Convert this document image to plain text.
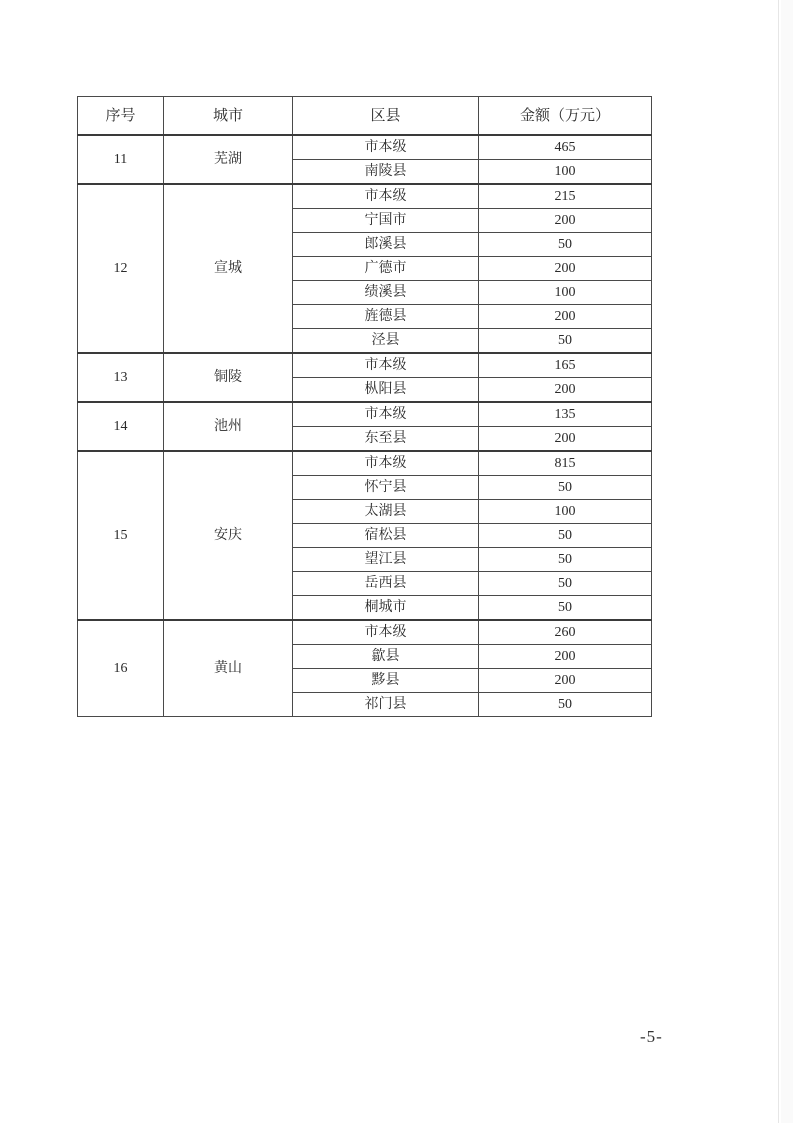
序号	城市	区县	金额（万元）
11	芜湖	市本级	465
		南陵县	100
12	宣城	市本级	215
		宁国市	200
		郎溪县	50
		广德市	200
		绩溪县	100
		旌德县	200
		泾县	50
13	铜陵	市本级	165
		枞阳县	200
14	池州	市本级	135
		东至县	200
15	安庆	市本级	815
		怀宁县	50
		太湖县	100
		宿松县	50
		望江县	50
		岳西县	50
		桐城市	50
16	黄山	市本级	260
		歙县	200
		黟县	200
		祁门县	50
-5-
